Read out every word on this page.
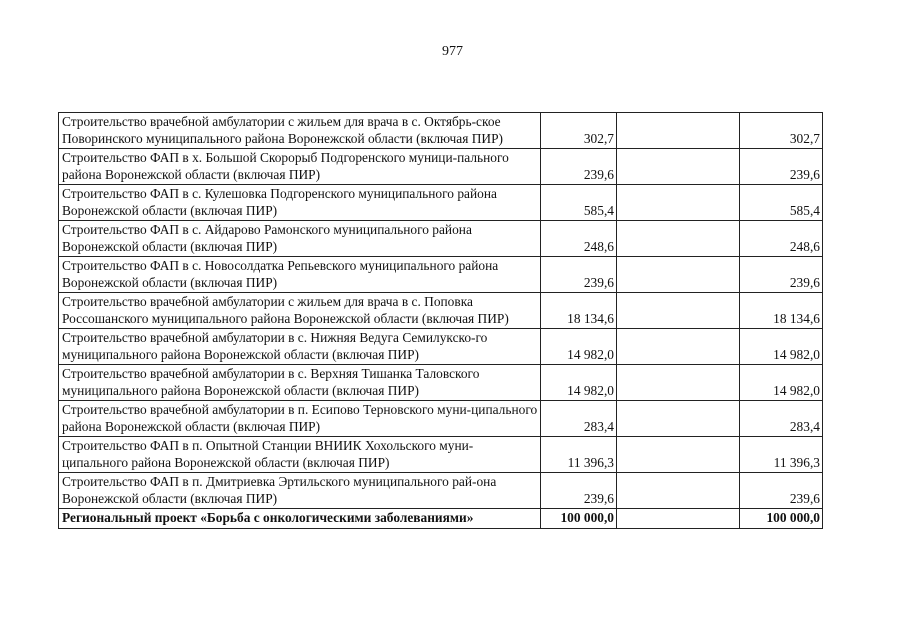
977
Строительство врачебной амбулатории с жильем для врача в с. Октябрь-ское Поворинского муниципального района Воронежской области (включая ПИР)	302,7		302,7
Строительство ФАП в х. Большой Скорорыб Подгоренского муници-пального района Воронежской области (включая ПИР)	239,6		239,6
Строительство ФАП в с. Кулешовка Подгоренского муниципального района Воронежской области (включая ПИР)	585,4		585,4
Строительство ФАП в с. Айдарово Рамонского муниципального района Воронежской области (включая ПИР)	248,6		248,6
Строительство ФАП в с. Новосолдатка Репьевского муниципального района Воронежской области (включая ПИР)	239,6		239,6
Строительство врачебной амбулатории с жильем для врача в с. Поповка Россошанского муниципального района Воронежской области (включая ПИР)	18 134,6		18 134,6
Строительство врачебной амбулатории в с. Нижняя Ведуга Семилукско-го муниципального района Воронежской области (включая ПИР)	14 982,0		14 982,0
Строительство врачебной амбулатории в с. Верхняя Тишанка Таловского муниципального района Воронежской области (включая ПИР)	14 982,0		14 982,0
Строительство врачебной амбулатории в п. Есипово Терновского муни-ципального района Воронежской области (включая ПИР)	283,4		283,4
Строительство ФАП в п. Опытной Станции ВНИИК Хохольского муни-ципального района Воронежской области (включая ПИР)	11 396,3		11 396,3
Строительство ФАП в п. Дмитриевка Эртильского муниципального рай-она Воронежской области (включая ПИР)	239,6		239,6
Региональный проект «Борьба с онкологическими заболеваниями»	100 000,0		100 000,0
